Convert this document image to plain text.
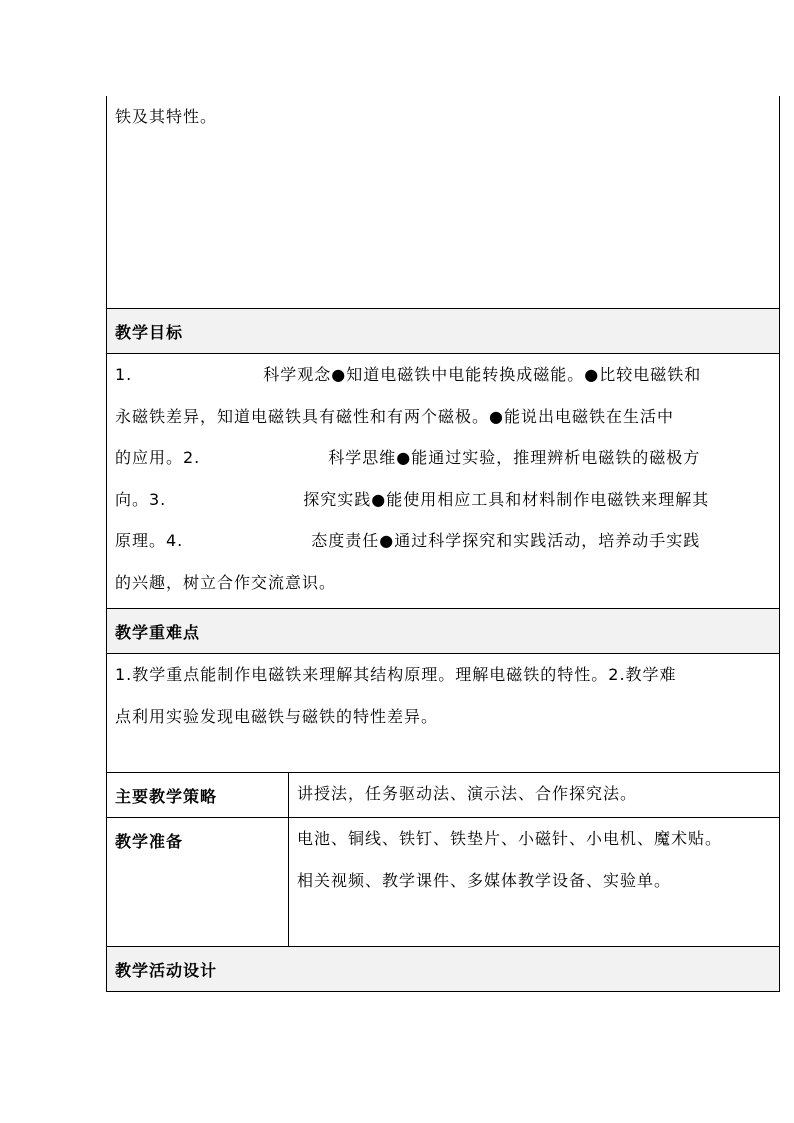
铁及其特性。
教学目标
1.	科学观念●知道电磁铁中电能转换成磁能。●比较电磁铁和
永磁铁差异，知道电磁铁具有磁性和有两个磁极。●能说出电磁铁在生活中
的应用。2.	科学思维●能通过实验，推理辨析电磁铁的磁极方
向。3.	探究实践●能使用相应工具和材料制作电磁铁来理解其
原理。4.	态度责任●通过科学探究和实践活动，培养动手实践
的兴趣，树立合作交流意识。
教学重难点
1.教学重点能制作电磁铁来理解其结构原理。理解电磁铁的特性。2.教学难
点利用实验发现电磁铁与磁铁的特性差异。
主要教学策略	讲授法，任务驱动法、演示法、合作探究法。
教学准备	电池、铜线、铁钉、铁垫片、小磁针、小电机、魔术贴。
相关视频、教学课件、多媒体教学设备、实验单。
教学活动设计
